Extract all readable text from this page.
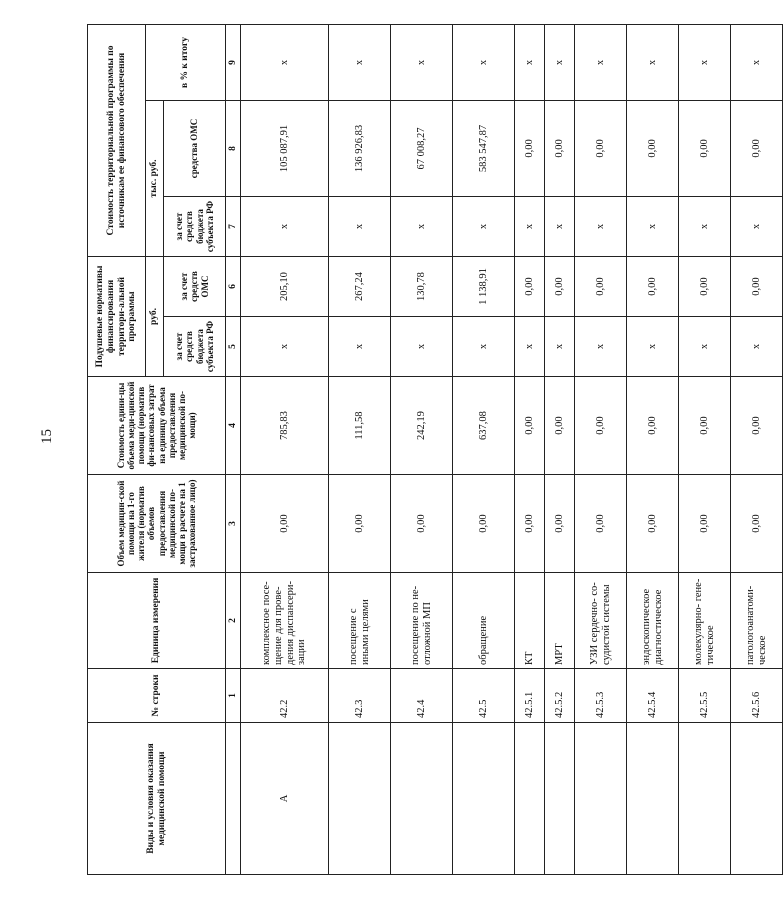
15
Виды и условия оказания медицинской помощи	№ строки	Единица измерения	Объем медицин-ской помощи на 1-го жителя (норматив объемов предоставления медицинской по-мощи в расчете на 1 застрахованное лицо)	Стоимость едини-цы объема меди-цинской помощи (норматив фи-нансовых затрат на единицу объема предоставления медицинской по-мощи)	Подушевые нормативы финансирования территори-альной программы		Стоимость территориальной программы по источникам ее финансового обеспечения		
					руб.		тыс. руб.		в % к итогу
					за счет средств бюджета субъекта РФ	за счет средств ОМС	за счет средств бюджета субъекта РФ	средства ОМС	
	1	2	3	4	5	6	7	8	9
А	42.2	комплексное посе-щение для прове-дения диспансери-зации	0,00	785,83	х	205,10	х	105 087,91	х
	42.3	посещение с иными целями	0,00	111,58	х	267,24	х	136 926,83	х
	42.4	посещение по не-отложной МП	0,00	242,19	х	130,78	х	67 008,27	х
	42.5	обращение	0,00	637,08	х	1 138,91	х	583 547,87	х
	42.5.1	КТ	0,00	0,00	х	0,00	х	0,00	х
	42.5.2	МРТ	0,00	0,00	х	0,00	х	0,00	х
	42.5.3	УЗИ сердечно- со-судистой системы	0,00	0,00	х	0,00	х	0,00	х
	42.5.4	эндоскопическое диагностическое	0,00	0,00	х	0,00	х	0,00	х
	42.5.5	молекулярно- гене-тическое	0,00	0,00	х	0,00	х	0,00	х
	42.5.6	патологоанатоми-ческое	0,00	0,00	х	0,00	х	0,00	х
